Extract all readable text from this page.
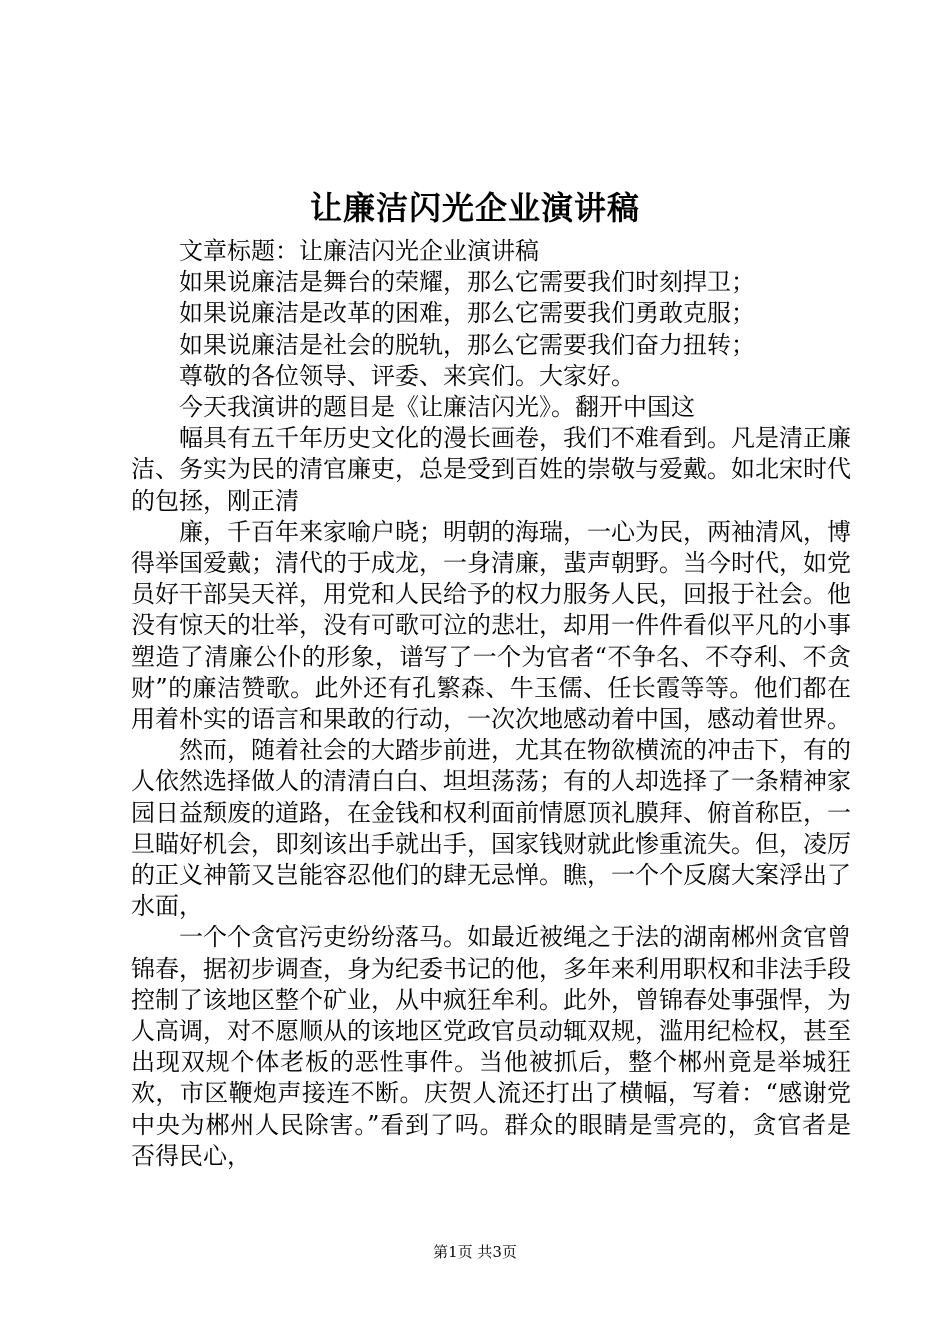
让廉洁闪光企业演讲稿

文章标题：让廉洁闪光企业演讲稿

如果说廉洁是舞台的荣耀，那么它需要我们时刻捍卫；

如果说廉洁是改革的困难，那么它需要我们勇敢克服；

如果说廉洁是社会的脱轨，那么它需要我们奋力扭转；

尊敬的各位领导、评委、来宾们。大家好。

今天我演讲的题目是《让廉洁闪光》。翻开中国这

幅具有五千年历史文化的漫长画卷，我们不难看到。凡是清正廉洁、务实为民的清官廉吏，总是受到百姓的崇敬与爱戴。如北宋时代的包拯，刚正清

廉，千百年来家喻户晓；明朝的海瑞，一心为民，两袖清风，博得举国爱戴；清代的于成龙，一身清廉，蜚声朝野。当今时代，如党员好干部吴天祥，用党和人民给予的权力服务人民，回报于社会。他没有惊天的壮举，没有可歌可泣的悲壮，却用一件件看似平凡的小事塑造了清廉公仆的形象，谱写了一个为官者“不争名、不夺利、不贪财”的廉洁赞歌。此外还有孔繁森、牛玉儒、任长霞等等。他们都在用着朴实的语言和果敢的行动，一次次地感动着中国，感动着世界。

然而，随着社会的大踏步前进，尤其在物欲横流的冲击下，有的人依然选择做人的清清白白、坦坦荡荡；有的人却选择了一条精神家园日益颓废的道路，在金钱和权利面前情愿顶礼膜拜、俯首称臣，一旦瞄好机会，即刻该出手就出手，国家钱财就此惨重流失。但，凌厉的正义神箭又岂能容忍他们的肆无忌惮。瞧，一个个反腐大案浮出了水面，

一个个贪官污吏纷纷落马。如最近被绳之于法的湖南郴州贪官曾锦春，据初步调查，身为纪委书记的他，多年来利用职权和非法手段控制了该地区整个矿业，从中疯狂牟利。此外，曾锦春处事强悍，为人高调，对不愿顺从的该地区党政官员动辄双规，滥用纪检权，甚至出现双规个体老板的恶性事件。当他被抓后，整个郴州竟是举城狂欢，市区鞭炮声接连不断。庆贺人流还打出了横幅，写着：“感谢党中央为郴州人民除害。”看到了吗。群众的眼睛是雪亮的，贪官者是否得民心，

第1页 共3页
